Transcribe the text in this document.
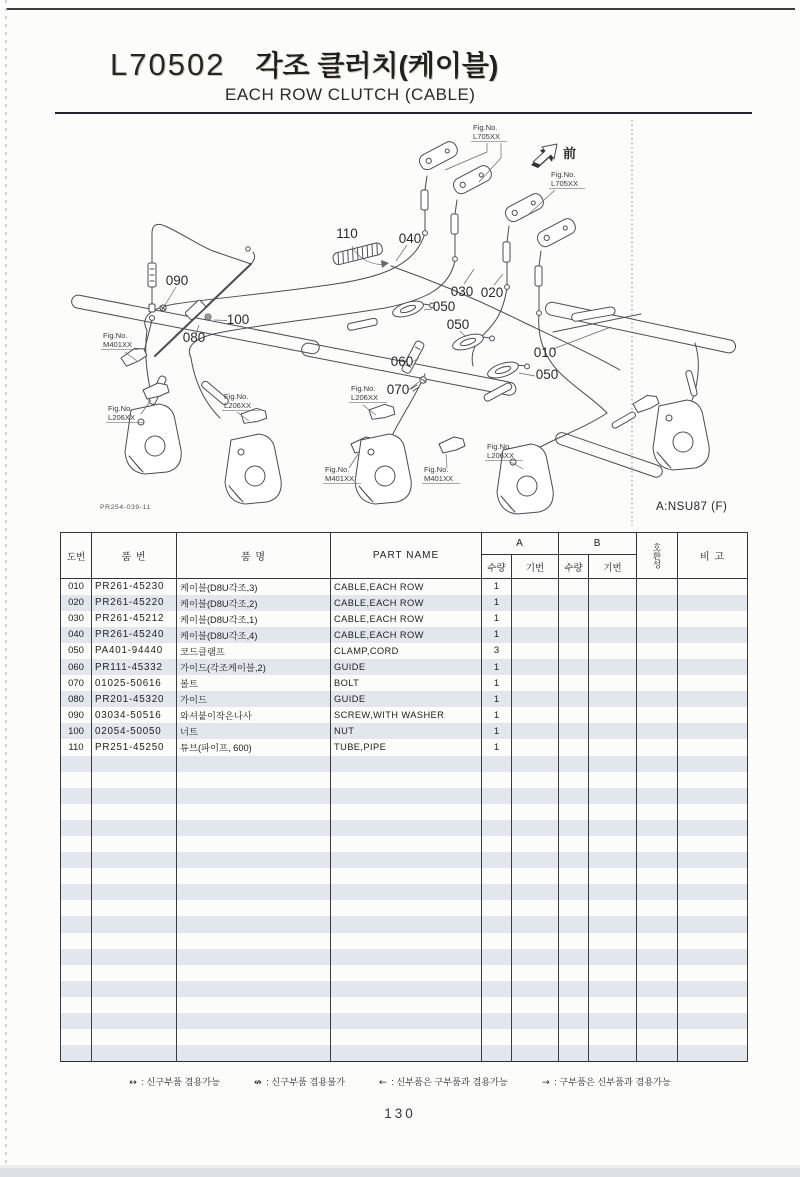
L70502 각조 클러치(케이블)
EACH ROW CLUTCH (CABLE)
前
110	040
030 020
050
050
060
070
010
050
090
100
080
Fig.No.
L705XX
Fig.No.
L705XX
Fig.No.
M401XX
Fig.No.
L206XX
Fig.No.
L206XX
Fig.No.
L206XX
Fig.No.
M401XX
Fig.No.
M401XX
Fig.No.
L206XX
PR254-039-11	A:NSU87 (F)
도번	품 번	품 명	PART NAME	A		B		호환성	비 고
				수량	기번	수량	기번		
010	PR261-45230	케이블(D8U각조,3)	CABLE,EACH ROW	1					
020	PR261-45220	케이블(D8U각조,2)	CABLE,EACH ROW	1					
030	PR261-45212	케이블(D8U각조,1)	CABLE,EACH ROW	1					
040	PR261-45240	케이블(D8U각조,4)	CABLE,EACH ROW	1					
050	PA401-94440	코드클램프	CLAMP,CORD	3					
060	PR111-45332	가이드(각조케이블,2)	GUIDE	1					
070	01025-50616	볼트	BOLT	1					
080	PR201-45320	가이드	GUIDE	1					
090	03034-50516	와셔붙이작은나사	SCREW,WITH WASHER	1					
100	02054-50050	너트	NUT	1					
110	PR251-45250	튜브(파이프, 600)	TUBE,PIPE	1					

↔ : 신구부품 겸용가능	↮ : 신구부품 겸용불가	← : 신부품은 구부품과 겸용가능	→ : 구부품은 신부품과 겸용가능
130
